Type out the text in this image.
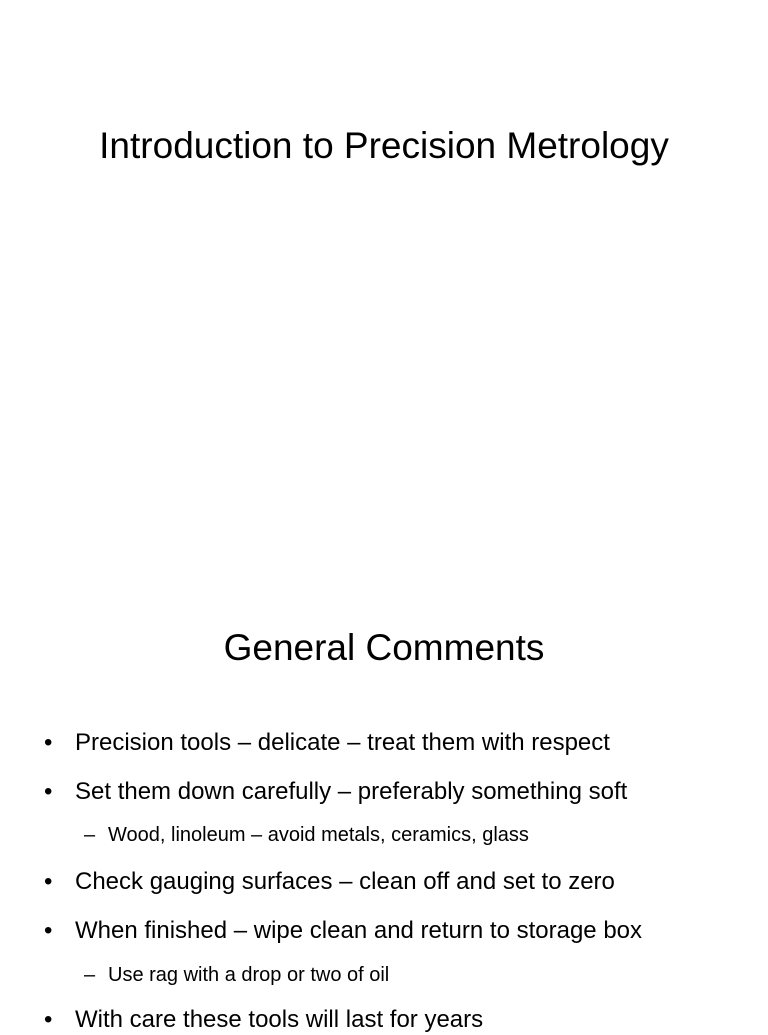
Introduction to Precision Metrology
General Comments
• Precision tools – delicate – treat them with respect
• Set them down carefully – preferably something soft
– Wood, linoleum – avoid metals, ceramics, glass
• Check gauging surfaces – clean off and set to zero
• When finished – wipe clean and return to storage box
– Use rag with a drop or two of oil
• With care these tools will last for years
